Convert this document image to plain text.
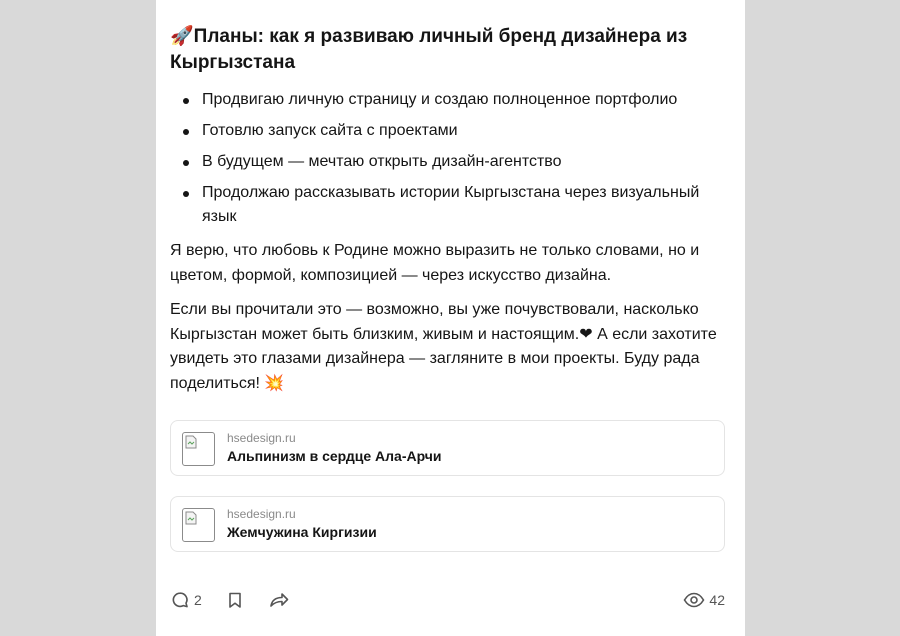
🚀Планы: как я развиваю личный бренд дизайнера из Кыргызстана
Продвигаю личную страницу и создаю полноценное портфолио
Готовлю запуск сайта с проектами
В будущем — мечтаю открыть дизайн-агентство
Продолжаю рассказывать истории Кыргызстана через визуальный язык

Я верю, что любовь к Родине можно выразить не только словами, но и цветом, формой, композицией — через искусство дизайна.

Если вы прочитали это — возможно, вы уже почувствовали, насколько Кыргызстан может быть близким, живым и настоящим.❤ А если захотите увидеть это глазами дизайнера — загляните в мои проекты. Буду рада поделиться! 💥

hsedesign.ru
Альпинизм в сердце Ала-Арчи
hsedesign.ru
Жемчужина Киргизии
2	42
